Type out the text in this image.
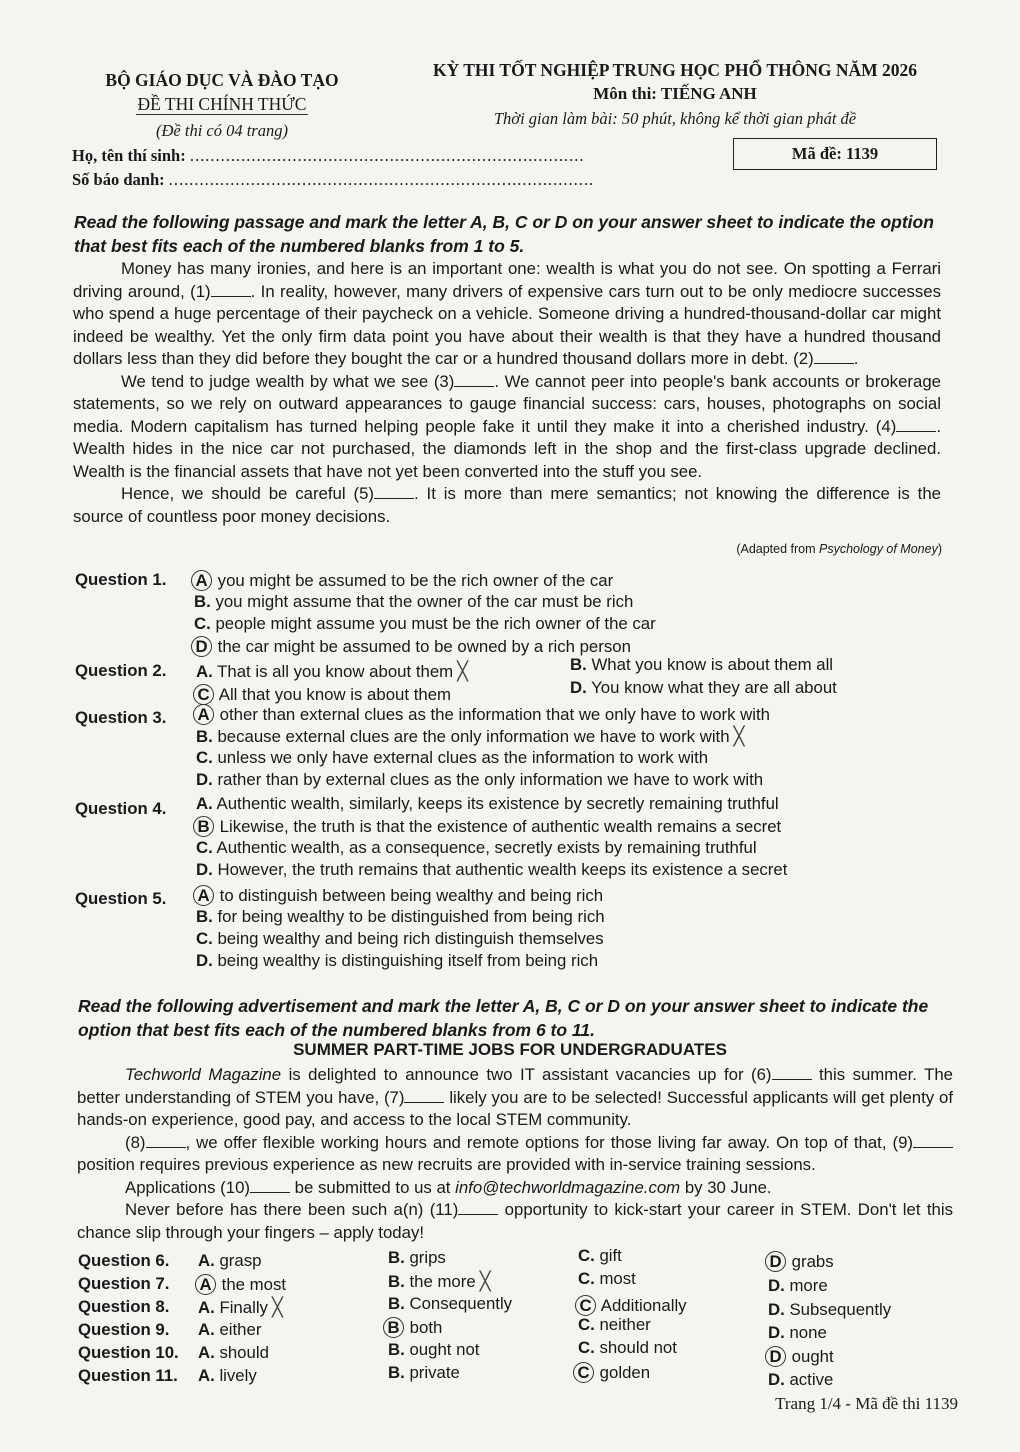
BỘ GIÁO DỤC VÀ ĐÀO TẠO
ĐỀ THI CHÍNH THỨC
(Đề thi có 04 trang)
KỲ THI TỐT NGHIỆP TRUNG HỌC PHỔ THÔNG NĂM 2026
Môn thi: TIẾNG ANH
Thời gian làm bài: 50 phút, không kể thời gian phát đề
Họ, tên thí sinh: .............................................................................
Số báo danh: ...................................................................................
Mã đề: 1139
Read the following passage and mark the letter A, B, C or D on your answer sheet to indicate the option that best fits each of the numbered blanks from 1 to 5.

Money has many ironies, and here is an important one: wealth is what you do not see. On spotting a Ferrari driving around, (1) . In reality, however, many drivers of expensive cars turn out to be only mediocre successes who spend a huge percentage of their paycheck on a vehicle. Someone driving a hundred-thousand-dollar car might indeed be wealthy. Yet the only firm data point you have about their wealth is that they have a hundred thousand dollars less than they did before they bought the car or a hundred thousand dollars more in debt. (2) .

We tend to judge wealth by what we see (3) . We cannot peer into people's bank accounts or brokerage statements, so we rely on outward appearances to gauge financial success: cars, houses, photographs on social media. Modern capitalism has turned helping people fake it until they make it into a cherished industry. (4) . Wealth hides in the nice car not purchased, the diamonds left in the shop and the first-class upgrade declined. Wealth is the financial assets that have not yet been converted into the stuff you see.

Hence, we should be careful (5) . It is more than mere semantics; not knowing the difference is the source of countless poor money decisions.

(Adapted from Psychology of Money)
Question 1. A you might be assumed to be the rich owner of the car
B. you might assume that the owner of the car must be rich
C. people might assume you must be the rich owner of the car
D the car might be assumed to be owned by a rich person
Question 2. A. That is all you know about them ╳	B. What you know is about them all
C All that you know is about them	D. You know what they are all about
Question 3. A other than external clues as the information that we only have to work with
B. because external clues are the only information we have to work with ╳
C. unless we only have external clues as the information to work with
D. rather than by external clues as the only information we have to work with
Question 4. A. Authentic wealth, similarly, keeps its existence by secretly remaining truthful
B Likewise, the truth is that the existence of authentic wealth remains a secret
C. Authentic wealth, as a consequence, secretly exists by remaining truthful
D. However, the truth remains that authentic wealth keeps its existence a secret
Question 5. A to distinguish between being wealthy and being rich
B. for being wealthy to be distinguished from being rich
C. being wealthy and being rich distinguish themselves
D. being wealthy is distinguishing itself from being rich
Read the following advertisement and mark the letter A, B, C or D on your answer sheet to indicate the option that best fits each of the numbered blanks from 6 to 11.
SUMMER PART-TIME JOBS FOR UNDERGRADUATES

Techworld Magazine is delighted to announce two IT assistant vacancies up for (6) this summer. The better understanding of STEM you have, (7) likely you are to be selected! Successful applicants will get plenty of hands-on experience, good pay, and access to the local STEM community.

(8) , we offer flexible working hours and remote options for those living far away. On top of that, (9) position requires previous experience as new recruits are provided with in-service training sessions.

Applications (10) be submitted to us at info@techworldmagazine.com by 30 June.

Never before has there been such a(n) (11) opportunity to kick-start your career in STEM. Don't let this chance slip through your fingers – apply today!

Question 6. A. grasp	B. grips	C. gift	D grabs
Question 7. A the most	B. the more ╳	C. most	D. more
Question 8. A. Finally ╳	B. Consequently	C Additionally	D. Subsequently
Question 9. A. either	B both	C. neither	D. none
Question 10. A. should	B. ought not	C. should not	D ought
Question 11. A. lively	B. private	C golden	D. active
Trang 1/4 - Mã đề thi 1139
